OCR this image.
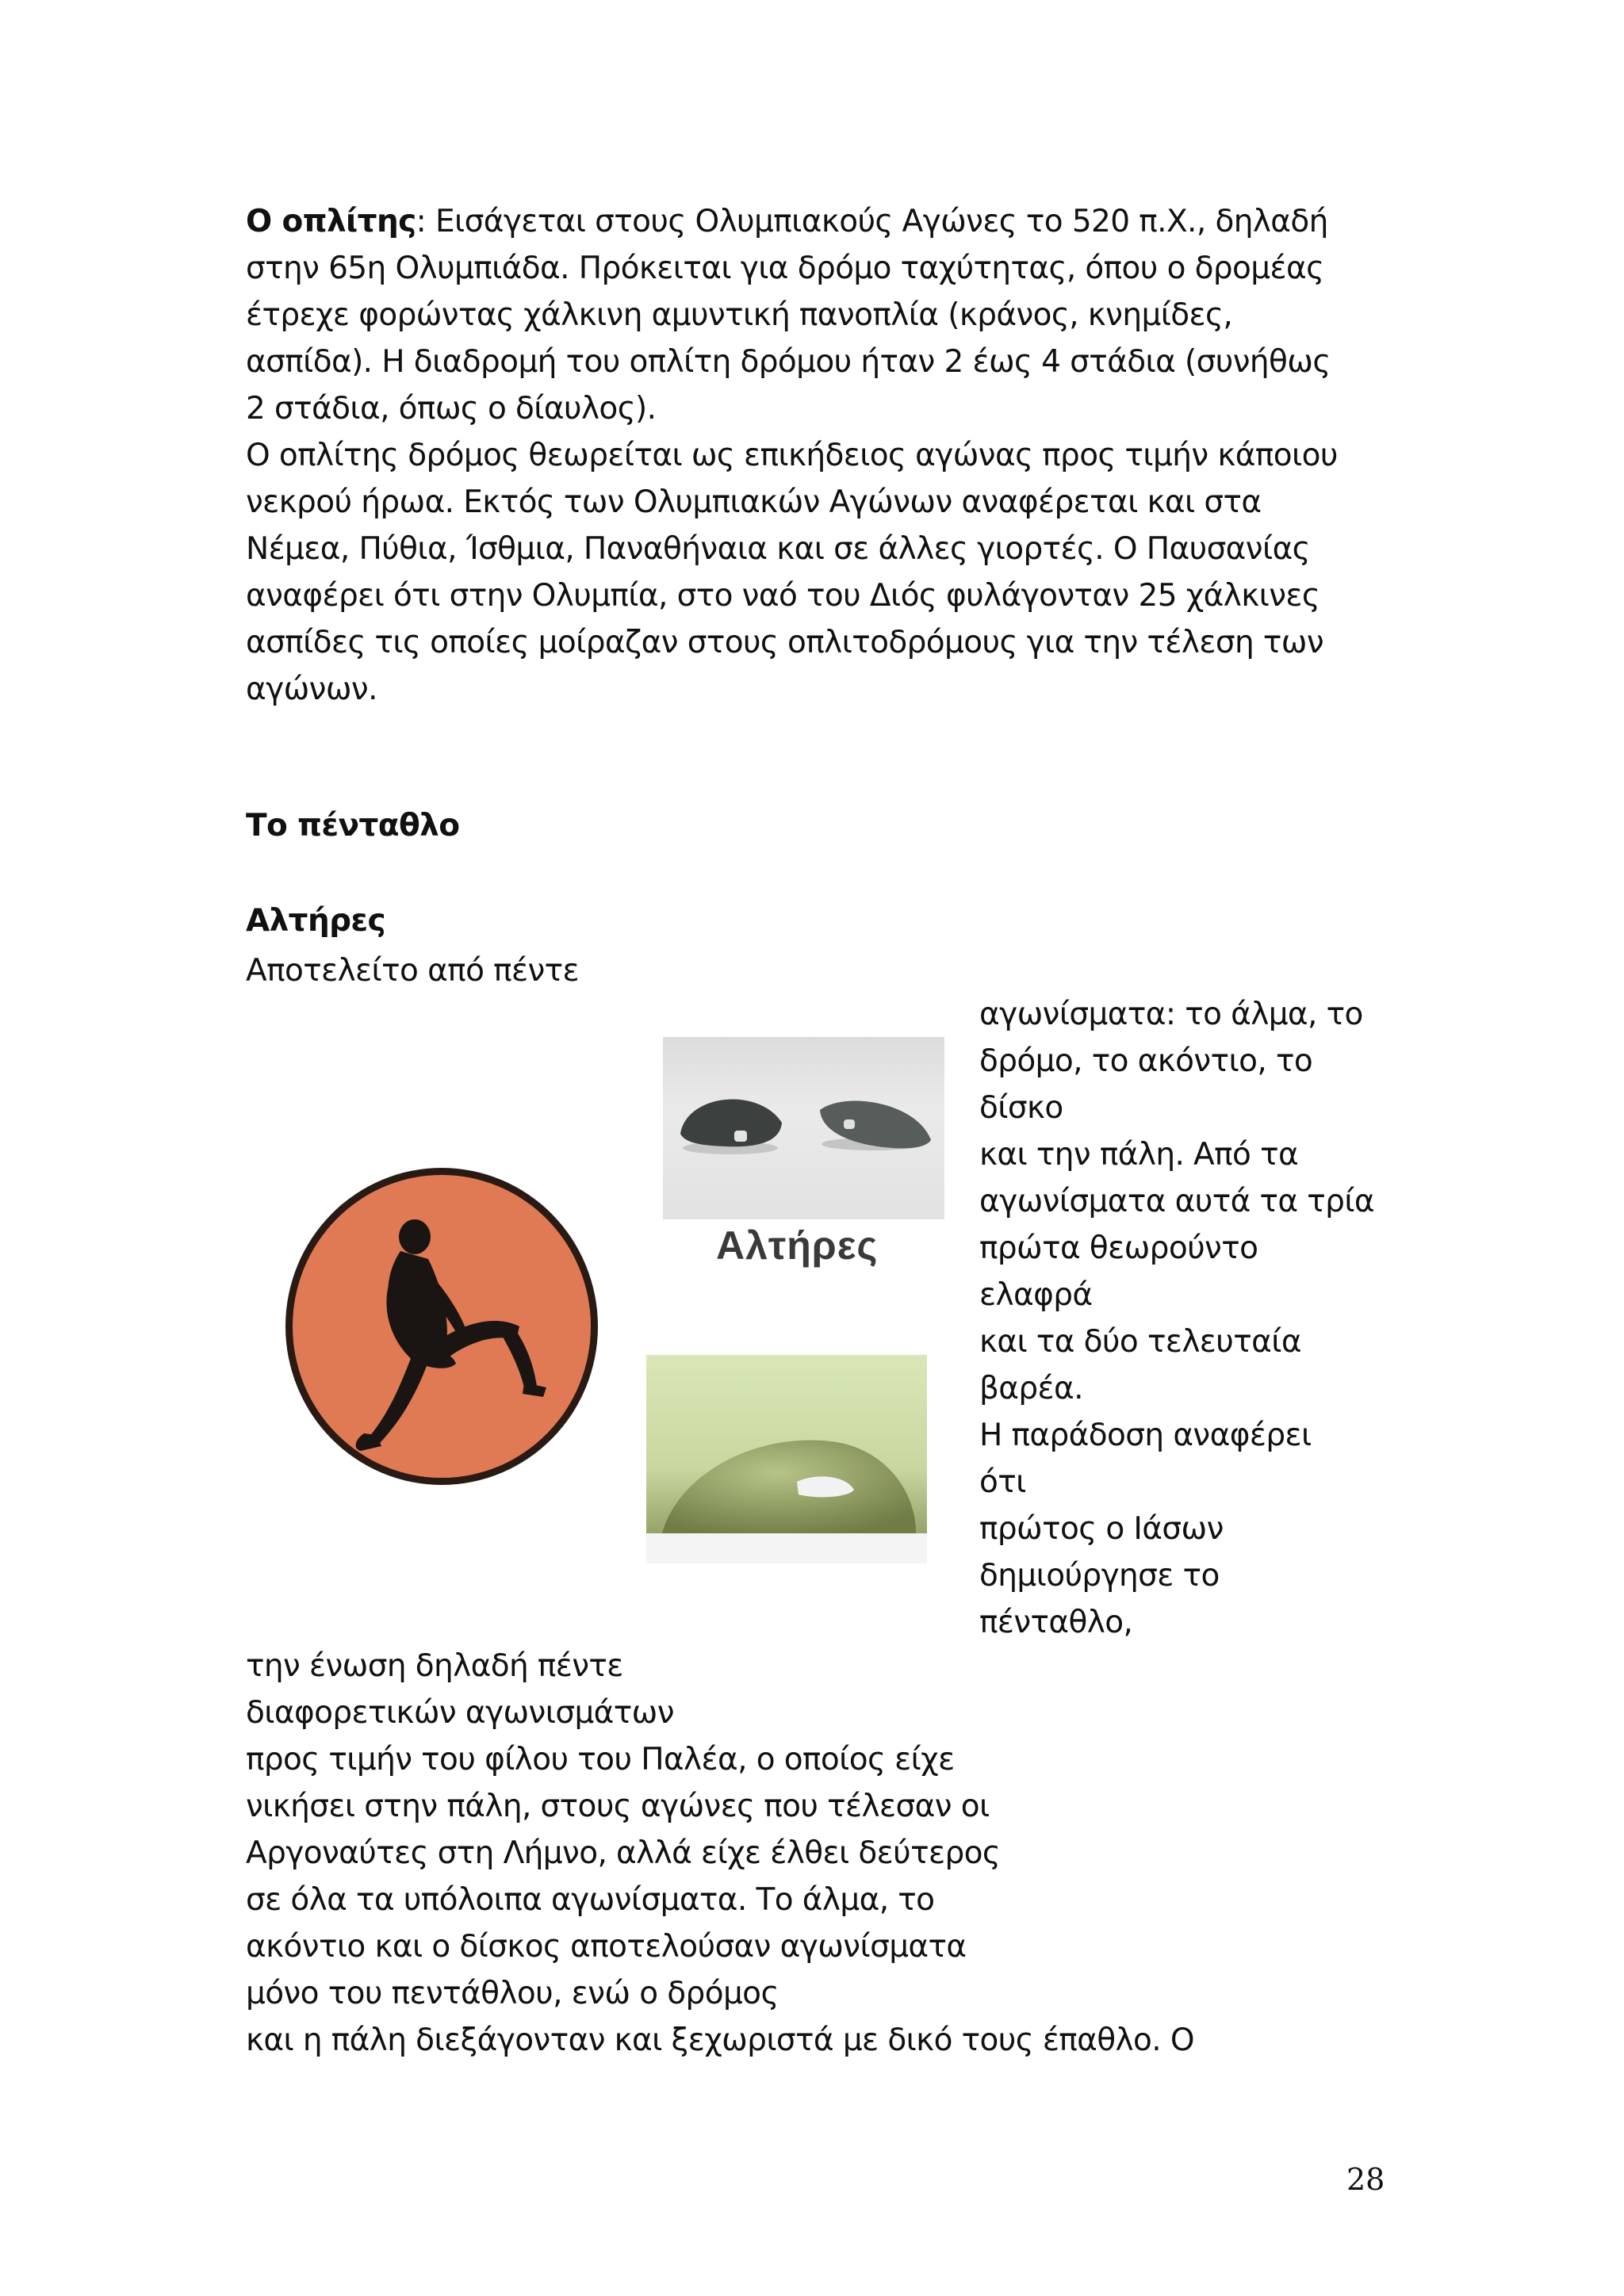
Ο οπλίτης: Εισάγεται στους Ολυμπιακούς Αγώνες το 520 π.Χ., δηλαδή
στην 65η Ολυμπιάδα. Πρόκειται για δρόμο ταχύτητας, όπου ο δρομέας
έτρεχε φορώντας χάλκινη αμυντική πανοπλία (κράνος, κνημίδες,
ασπίδα). Η διαδρομή του οπλίτη δρόμου ήταν 2 έως 4 στάδια (συνήθως
2 στάδια, όπως ο δίαυλος).
Ο οπλίτης δρόμος θεωρείται ως επικήδειος αγώνας προς τιμήν κάποιου
νεκρού ήρωα. Εκτός των Ολυμπιακών Αγώνων αναφέρεται και στα
Νέμεα, Πύθια, Ίσθμια, Παναθήναια και σε άλλες γιορτές. Ο Παυσανίας
αναφέρει ότι στην Ολυμπία, στο ναό του Διός φυλάγονταν 25 χάλκινες
ασπίδες τις οποίες μοίραζαν στους οπλιτοδρόμους για την τέλεση των
αγώνων.
Το πένταθλο
Αλτήρες
Αποτελείτο από πέντε
αγωνίσματα: το άλμα, το
δρόμο, το ακόντιο, το
δίσκο
και την πάλη. Από τα
αγωνίσματα αυτά τα τρία
πρώτα θεωρούντο
ελαφρά
και τα δύο τελευταία
βαρέα.
Η παράδοση αναφέρει
ότι
πρώτος ο Ιάσων
δημιούργησε το
πένταθλο,
Αλτήρες
την ένωση δηλαδή πέντε
διαφορετικών αγωνισμάτων
προς τιμήν του φίλου του Παλέα, ο οποίος είχε
νικήσει στην πάλη, στους αγώνες που τέλεσαν οι
Αργοναύτες στη Λήμνο, αλλά είχε έλθει δεύτερος
σε όλα τα υπόλοιπα αγωνίσματα. Το άλμα, το
ακόντιο και ο δίσκος αποτελούσαν αγωνίσματα
μόνο του πεντάθλου, ενώ ο δρόμος
και η πάλη διεξάγονταν και ξεχωριστά με δικό τους έπαθλο. Ο
28
